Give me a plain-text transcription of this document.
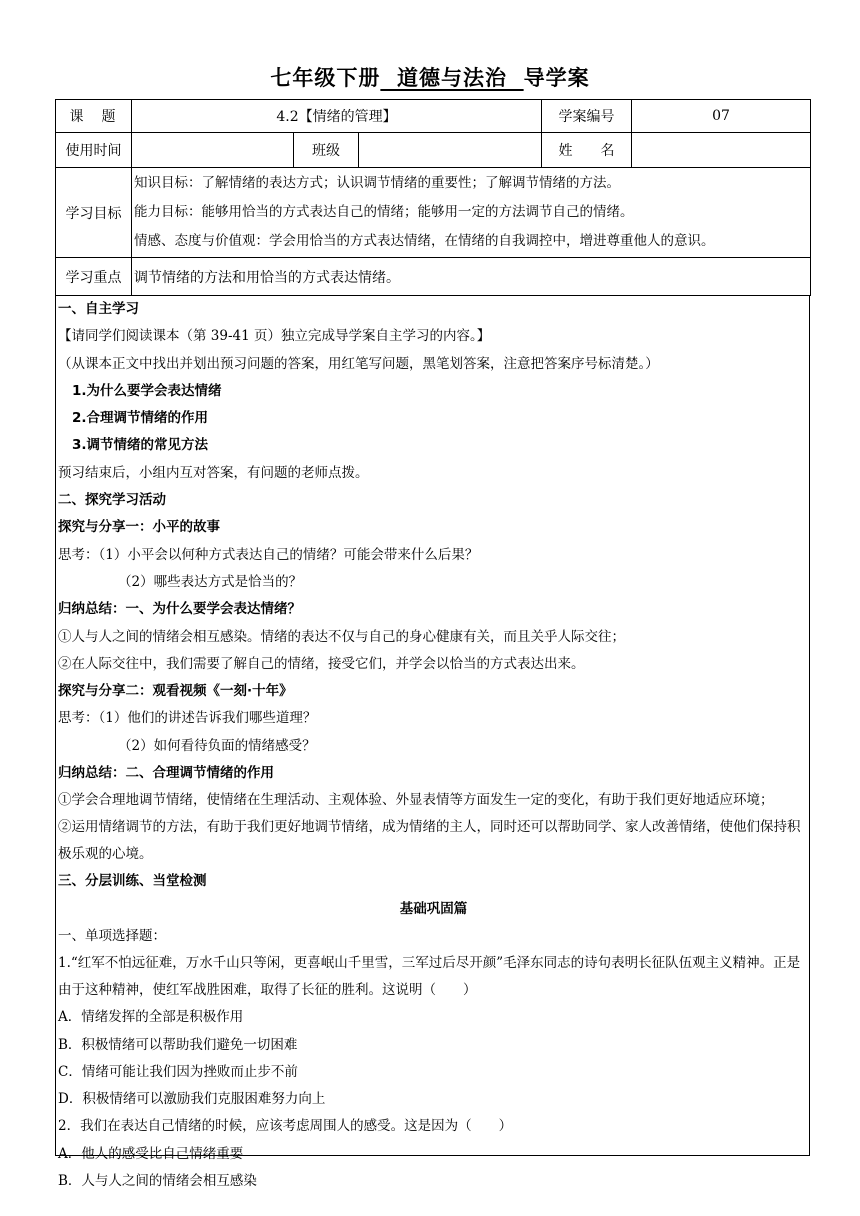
七年级下册  道德与法治  导学案
课　题	4.2【情绪的管理】			学案编号	07
使用时间		班级		姓　　名	
学习目标	知识目标：了解情绪的表达方式；认识调节情绪的重要性；了解调节情绪的方法。
能力目标：能够用恰当的方式表达自己的情绪；能够用一定的方法调节自己的情绪。
情感、态度与价值观：学会用恰当的方式表达情绪，在情绪的自我调控中，增进尊重他人的意识。				

学习重点	调节情绪的方法和用恰当的方式表达情绪。				
一、自主学习
【请同学们阅读课本（第 39-41 页）独立完成导学案自主学习的内容。】
（从课本正文中找出并划出预习问题的答案，用红笔写问题，黑笔划答案，注意把答案序号标清楚。）
1.为什么要学会表达情绪
2.合理调节情绪的作用
3.调节情绪的常见方法
预习结束后，小组内互对答案，有问题的老师点拨。
二、探究学习活动
探究与分享一：小平的故事
思考：（1）小平会以何种方式表达自己的情绪？可能会带来什么后果？
（2）哪些表达方式是恰当的？
归纳总结：一、为什么要学会表达情绪？
①人与人之间的情绪会相互感染。情绪的表达不仅与自己的身心健康有关，而且关乎人际交往；
②在人际交往中，我们需要了解自己的情绪，接受它们，并学会以恰当的方式表达出来。
探究与分享二：观看视频《一刻·十年》
思考：（1）他们的讲述告诉我们哪些道理？
（2）如何看待负面的情绪感受？
归纳总结：二、合理调节情绪的作用
①学会合理地调节情绪，使情绪在生理活动、主观体验、外显表情等方面发生一定的变化，有助于我们更好地适应环境；
②运用情绪调节的方法，有助于我们更好地调节情绪，成为情绪的主人，同时还可以帮助同学、家人改善情绪，使他们保持积极乐观的心境。
三、分层训练、当堂检测
基础巩固篇
一、单项选择题：
1.“红军不怕远征难，万水千山只等闲，更喜岷山千里雪，三军过后尽开颜”毛泽东同志的诗句表明长征队伍观主义精神。正是由于这种精神，使红军战胜困难，取得了长征的胜利。这说明（　　）
A．情绪发挥的全部是积极作用
B．积极情绪可以帮助我们避免一切困难
C．情绪可能让我们因为挫败而止步不前
D．积极情绪可以激励我们克服困难努力向上
2．我们在表达自己情绪的时候，应该考虑周围人的感受。这是因为（　　）
A．他人的感受比自己情绪重要
B．人与人之间的情绪会相互感染
